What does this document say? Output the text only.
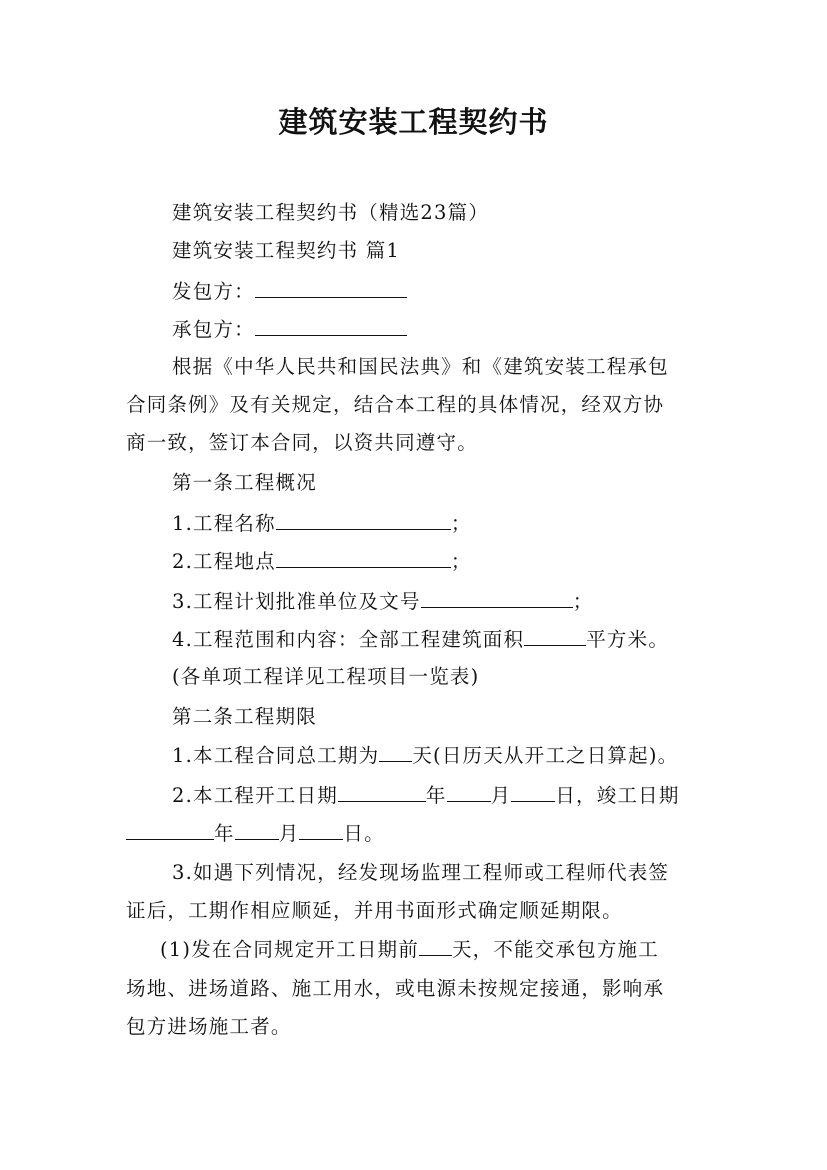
建筑安装工程契约书
建筑安装工程契约书（精选23篇）
建筑安装工程契约书 篇1
发包方：
承包方：
根据《中华人民共和国民法典》和《建筑安装工程承包
合同条例》及有关规定，结合本工程的具体情况，经双方协
商一致，签订本合同，以资共同遵守。
第一条工程概况
1.工程名称	；
2.工程地点	；
3.工程计划批准单位及文号	；
4.工程范围和内容：全部工程建筑面积	平方米。
(各单项工程详见工程项目一览表)
第二条工程期限
1.本工程合同总工期为 天(日历天从开工之日算起)。
2.本工程开工日期	年 月 日，竣工日期
年 月 日。
3.如遇下列情况，经发现场监理工程师或工程师代表签
证后，工期作相应顺延，并用书面形式确定顺延期限。
(1)发在合同规定开工日期前 天，不能交承包方施工
场地、进场道路、施工用水，或电源未按规定接通，影响承
包方进场施工者。
